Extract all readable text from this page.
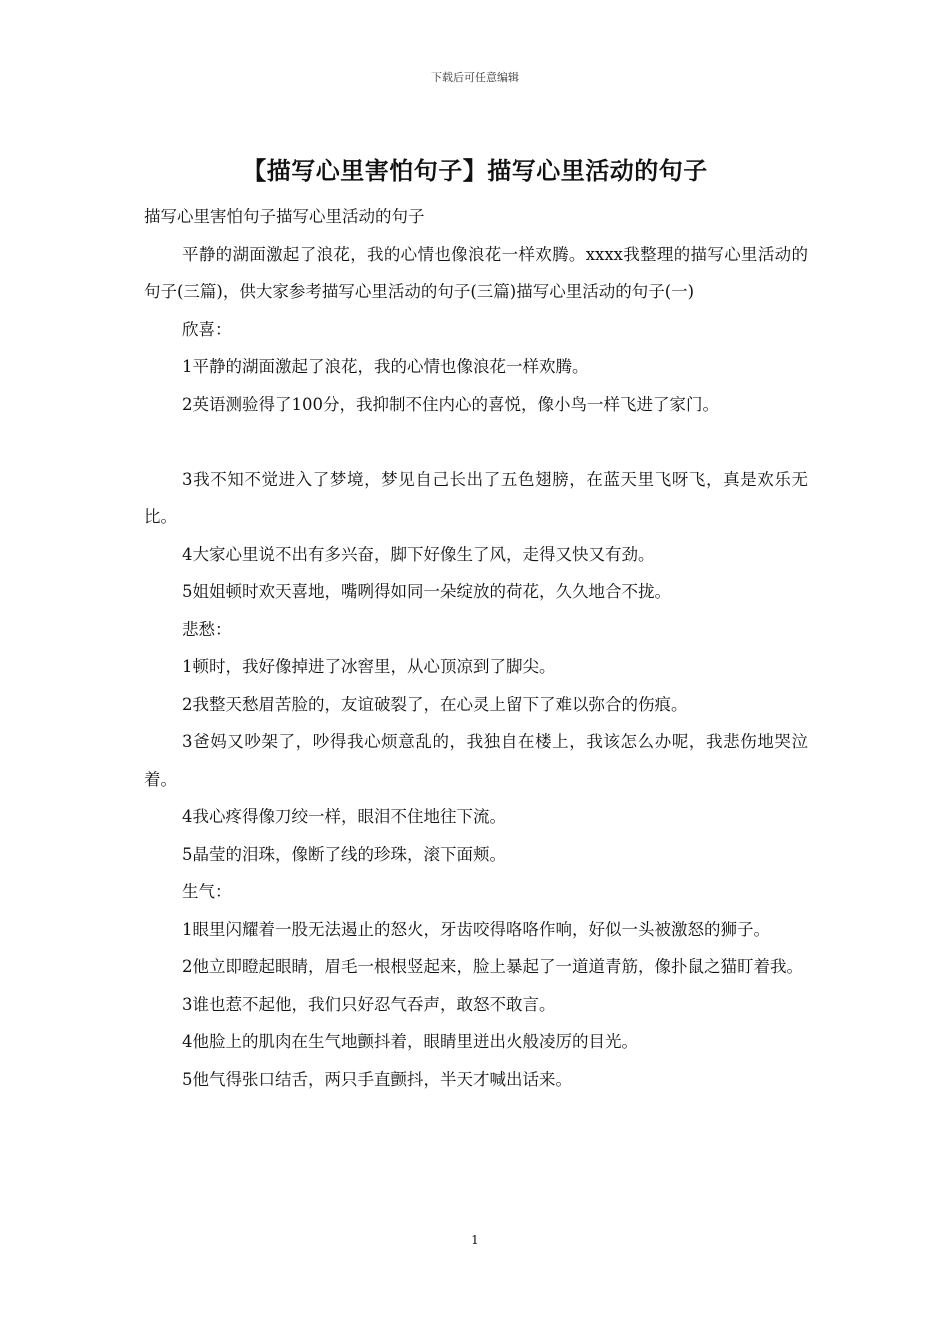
下载后可任意编辑
【描写心里害怕句子】描写心里活动的句子

描写心里害怕句子描写心里活动的句子

平静的湖面激起了浪花，我的心情也像浪花一样欢腾。xxxx我整理的描写心里活动的句子(三篇)，供大家参考描写心里活动的句子(三篇)描写心里活动的句子(一)

欣喜：

1平静的湖面激起了浪花，我的心情也像浪花一样欢腾。

2英语测验得了100分，我抑制不住内心的喜悦，像小鸟一样飞进了家门。

3我不知不觉进入了梦境，梦见自己长出了五色翅膀，在蓝天里飞呀飞，真是欢乐无比。

4大家心里说不出有多兴奋，脚下好像生了风，走得又快又有劲。

5姐姐顿时欢天喜地，嘴咧得如同一朵绽放的荷花，久久地合不拢。

悲愁：

1顿时，我好像掉进了冰窖里，从心顶凉到了脚尖。

2我整天愁眉苦脸的，友谊破裂了，在心灵上留下了难以弥合的伤痕。

3爸妈又吵架了，吵得我心烦意乱的，我独自在楼上，我该怎么办呢，我悲伤地哭泣着。

4我心疼得像刀绞一样，眼泪不住地往下流。

5晶莹的泪珠，像断了线的珍珠，滚下面颊。

生气：

1眼里闪耀着一股无法遏止的怒火，牙齿咬得咯咯作响，好似一头被激怒的狮子。

2他立即瞪起眼睛，眉毛一根根竖起来，脸上暴起了一道道青筋，像扑鼠之猫盯着我。

3谁也惹不起他，我们只好忍气吞声，敢怒不敢言。

4他脸上的肌肉在生气地颤抖着，眼睛里迸出火般凌厉的目光。

5他气得张口结舌，两只手直颤抖，半天才喊出话来。

1
